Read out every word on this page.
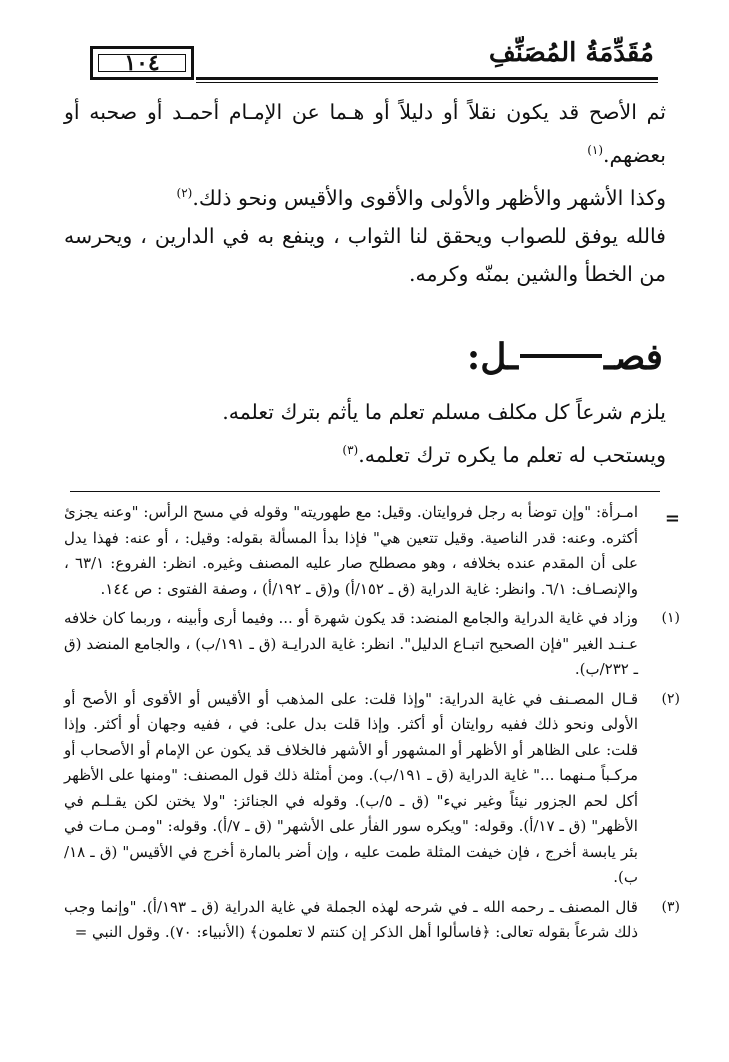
١٠٤	مُقَدِّمَةُ المُصَنِّفِ

ثم الأصح قد يكون نقلاً أو دليلاً أو هـما عن الإمـام أحمـد أو صحبه أو بعضهم.$^{(١)}$

وكذا الأشهر والأظهر والأولى والأقوى والأقيس ونحو ذلك.$^{(٢)}$

فالله يوفق للصواب ويحقق لنا الثواب ، وينفع به في الدارين ، ويحرسه من الخطأ والشين بمنّه وكرمه.

فصــل:

يلزم شرعاً كل مكلف مسلم تعلم ما يأثم بترك تعلمه.

ويستحب له تعلم ما يكره ترك تعلمه.$^{(٣)}$

=
امـرأة: "وإن توضأ به رجل فروايتان. وقيل: مع طهوريته" وقوله في مسح الرأس: "وعنه يجزئ أكثره. وعنه: قدر الناصية. وقيل تتعين هي" فإذا بدأ المسألة بقوله: وقيل: ، أو عنه: فهذا يدل على أن المقدم عنده بخلافه ، وهو مصطلح صار عليه المصنف وغيره. انظر: الفروع: ٦٣/١ ، والإنصـاف: ٦/١. وانظر: غاية الدراية (ق ـ ١٥٢/أ) و(ق ـ ١٩٢/أ) ، وصفة الفتوى : ص ١٤٤.
(١)
وزاد في غاية الدراية والجامع المنضد: قد يكون شهرة أو ... وفيما أرى وأبينه ، وربما كان خلافه عـنـد الغير "فإن الصحيح اتبـاع الدليل". انظر: غاية الدرايـة (ق ـ ١٩١/ب) ، والجامع المنضد (ق ـ ٢٣٢/ب).
(٢)
قـال المصـنف في غاية الدراية: "وإذا قلت: على المذهب أو الأقيس أو الأقوى أو الأصح أو الأولى ونحو ذلك ففيه روايتان أو أكثر. وإذا قلت بدل على: في ، ففيه وجهان أو أكثر. وإذا قلت: على الظاهر أو الأظهر أو المشهور أو الأشهر فالخلاف قد يكون عن الإمام أو الأصحاب أو مركـباً مـنهما ..." غاية الدراية (ق ـ ١٩١/ب). ومن أمثلة ذلك قول المصنف: "ومنها على الأظهر أكل لحم الجزور نيئاً وغير نيء" (ق ـ ٥/ب). وقوله في الجنائز: "ولا يختن لكن يقـلـم في الأظهر" (ق ـ ١٧/أ). وقوله: "ويكره سور الفأر على الأشهر" (ق ـ ٧/أ). وقوله: "ومـن مـات في بئر يابسة أخرج ، فإن خيفت المثلة طمت عليه ، وإن أضر بالمارة أخرج في الأقيس" (ق ـ ١٨/ب).
(٣)
قال المصنف ـ رحمه الله ـ في شرحه لهذه الجملة في غاية الدراية (ق ـ ١٩٣/أ). "وإنما وجب ذلك شرعاً بقوله تعالى: ﴿فاسألوا أهل الذكر إن كنتم لا تعلمون﴾ (الأنبياء: ٧٠). وقول النبي =
